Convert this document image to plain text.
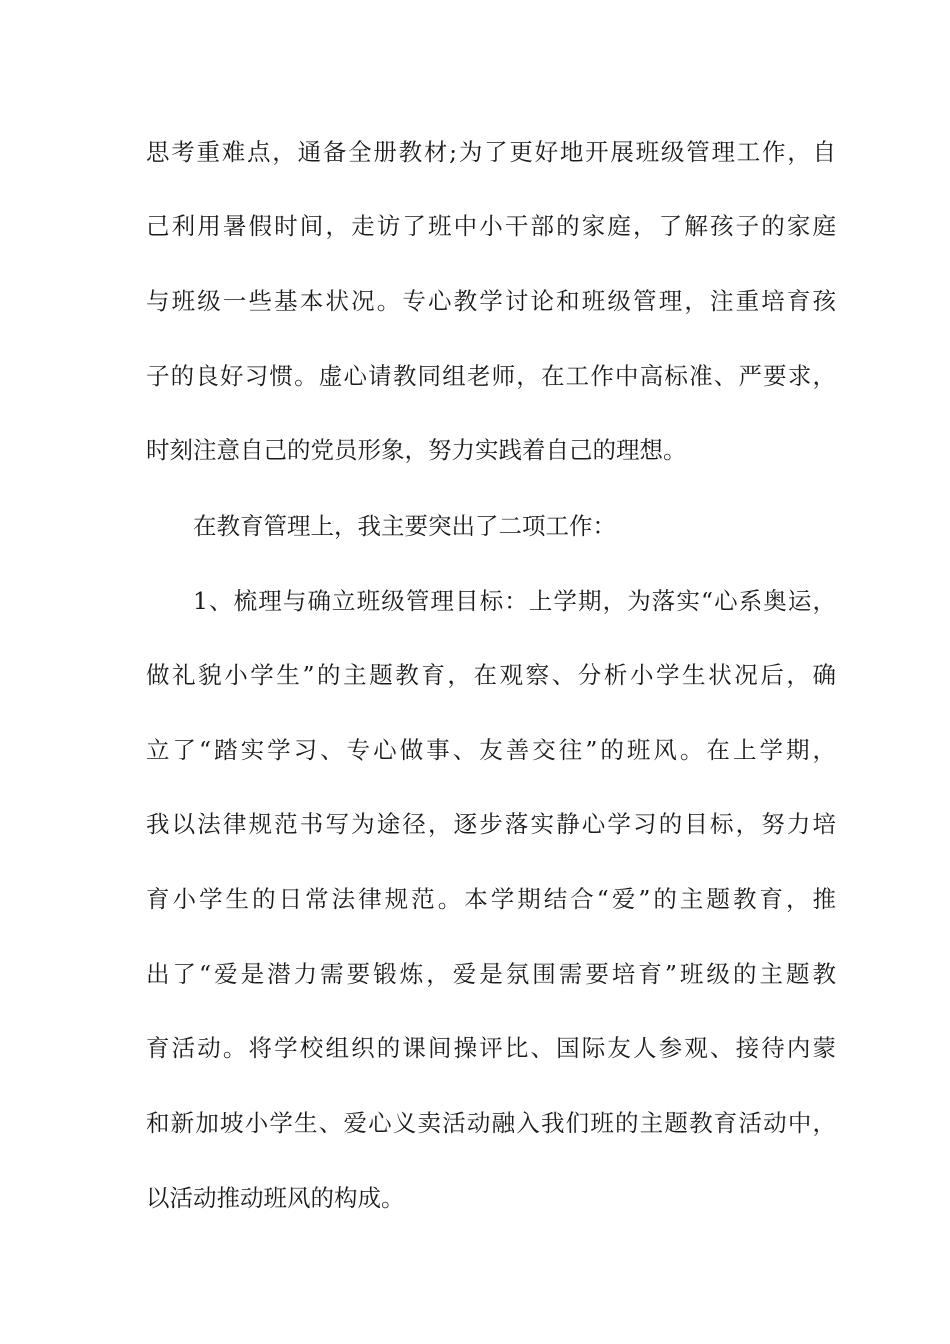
思考重难点，通备全册教材;为了更好地开展班级管理工作，自
己利用暑假时间，走访了班中小干部的家庭，了解孩子的家庭
与班级一些基本状况。专心教学讨论和班级管理，注重培育孩
子的良好习惯。虚心请教同组老师，在工作中高标准、严要求，
时刻注意自己的党员形象，努力实践着自己的理想。
在教育管理上，我主要突出了二项工作：
1、梳理与确立班级管理目标：上学期，为落实“心系奥运，
做礼貌小学生”的主题教育，在观察、分析小学生状况后，确
立了“踏实学习、专心做事、友善交往”的班风。在上学期，
我以法律规范书写为途径，逐步落实静心学习的目标，努力培
育小学生的日常法律规范。本学期结合“爱”的主题教育，推
出了“爱是潜力需要锻炼，爱是氛围需要培育”班级的主题教
育活动。将学校组织的课间操评比、国际友人参观、接待内蒙
和新加坡小学生、爱心义卖活动融入我们班的主题教育活动中，
以活动推动班风的构成。
